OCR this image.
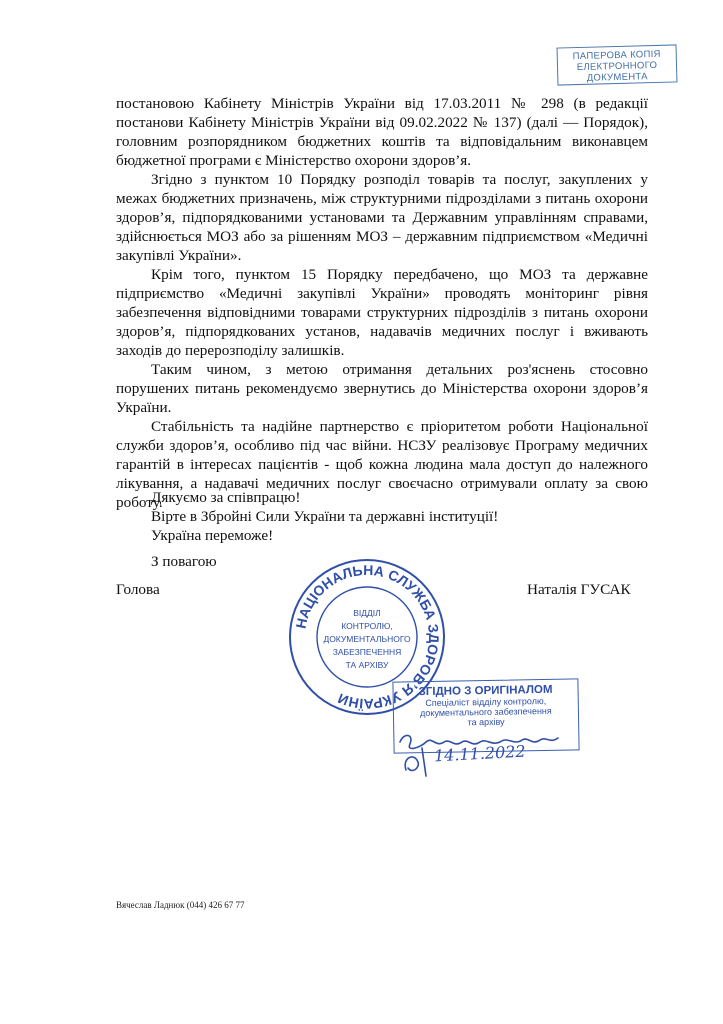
ПАПЕРОВА КОПІЯ
ЕЛЕКТРОННОГО
ДОКУМЕНТА

постановою Кабінету Міністрів України від 17.03.2011 № 298 (в редакції постанови Кабінету Міністрів України від 09.02.2022 № 137) (далі — Порядок), головним розпорядником бюджетних коштів та відповідальним виконавцем бюджетної програми є Міністерство охорони здоров’я.

Згідно з пунктом 10 Порядку розподіл товарів та послуг, закуплених у межах бюджетних призначень, між структурними підрозділами з питань охорони здоров’я, підпорядкованими установами та Державним управлінням справами, здійснюється МОЗ або за рішенням МОЗ – державним підприємством «Медичні закупівлі України».

Крім того, пунктом 15 Порядку передбачено, що МОЗ та державне підприємство «Медичні закупівлі України» проводять моніторинг рівня забезпечення відповідними товарами структурних підрозділів з питань охорони здоров’я, підпорядкованих установ, надавачів медичних послуг і вживають заходів до перерозподілу залишків.

Таким чином, з метою отримання детальних роз'яснень стосовно порушених питань рекомендуємо звернутись до Міністерства охорони здоров’я України.

Стабільність та надійне партнерство є пріоритетом роботи Національної служби здоров’я, особливо під час війни. НСЗУ реалізовує Програму медичних гарантій в інтересах пацієнтів - щоб кожна людина мала доступ до належного лікування, а надавачі медичних послуг своєчасно отримували оплату за свою роботу.

Дякуємо за співпрацю!
Вірте в Збройні Сили України та державні інституції!
Україна переможе!
З повагою
Голова	Наталія ГУСАК
НАЦІОНАЛЬНА СЛУЖБА ЗДОРОВ’Я УКРАЇНИ
ВІДДІЛ
КОНТРОЛЮ,
ДОКУМЕНТАЛЬНОГО
ЗАБЕЗПЕЧЕННЯ
ТА АРХІВУ
ЗГІДНО З ОРИГІНАЛОМ
Спеціаліст відділу контролю,
документального забезпечення
та архіву
14.11.2022
Вячеслав Ладнюк (044) 426 67 77
